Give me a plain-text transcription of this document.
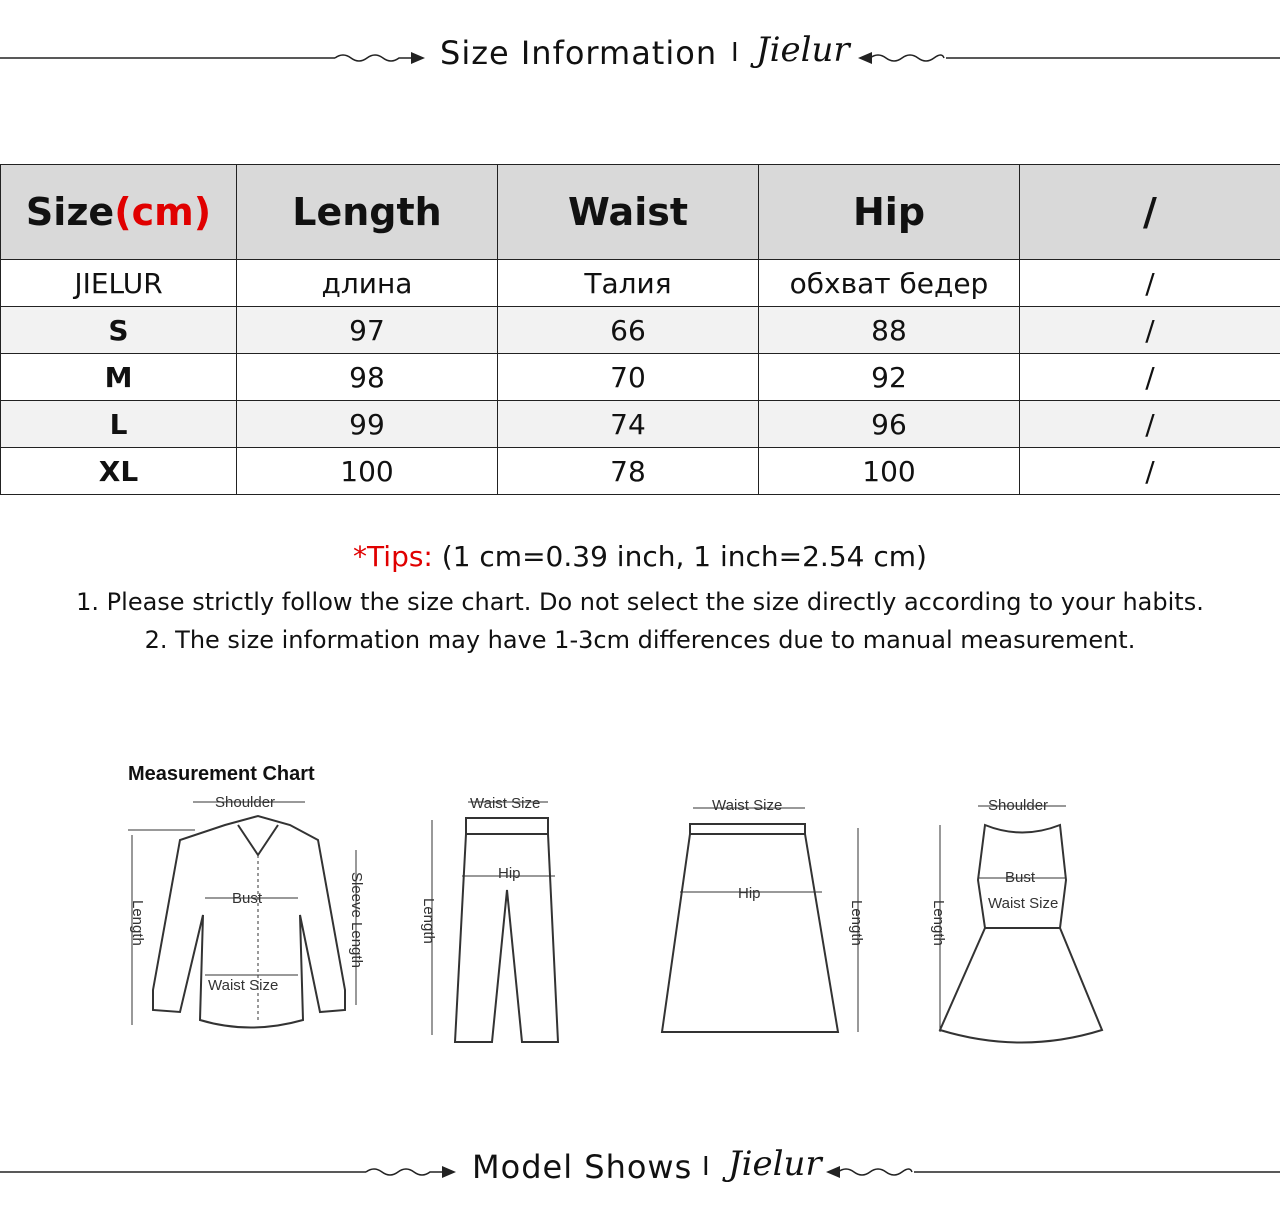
Size Information I Jielur
Size(cm)	Length	Waist	Hip	/
JIELUR	длина	Талия	обхват бедер	/
S	97	66	88	/
M	98	70	92	/
L	99	74	96	/
XL	100	78	100	/
*Tips: (1 cm=0.39 inch, 1 inch=2.54 cm)
1. Please strictly follow the size chart. Do not select the size directly according to your habits.
2. The size information may have 1-3cm differences due to manual measurement.
Measurement Chart
Shoulder
Bust
Waist Size
Length	Sleeve Length
Waist Size
Hip
Length
Waist Size
Hip
Length
Shoulder
Bust
Waist Size
Length
Model Shows I Jielur
